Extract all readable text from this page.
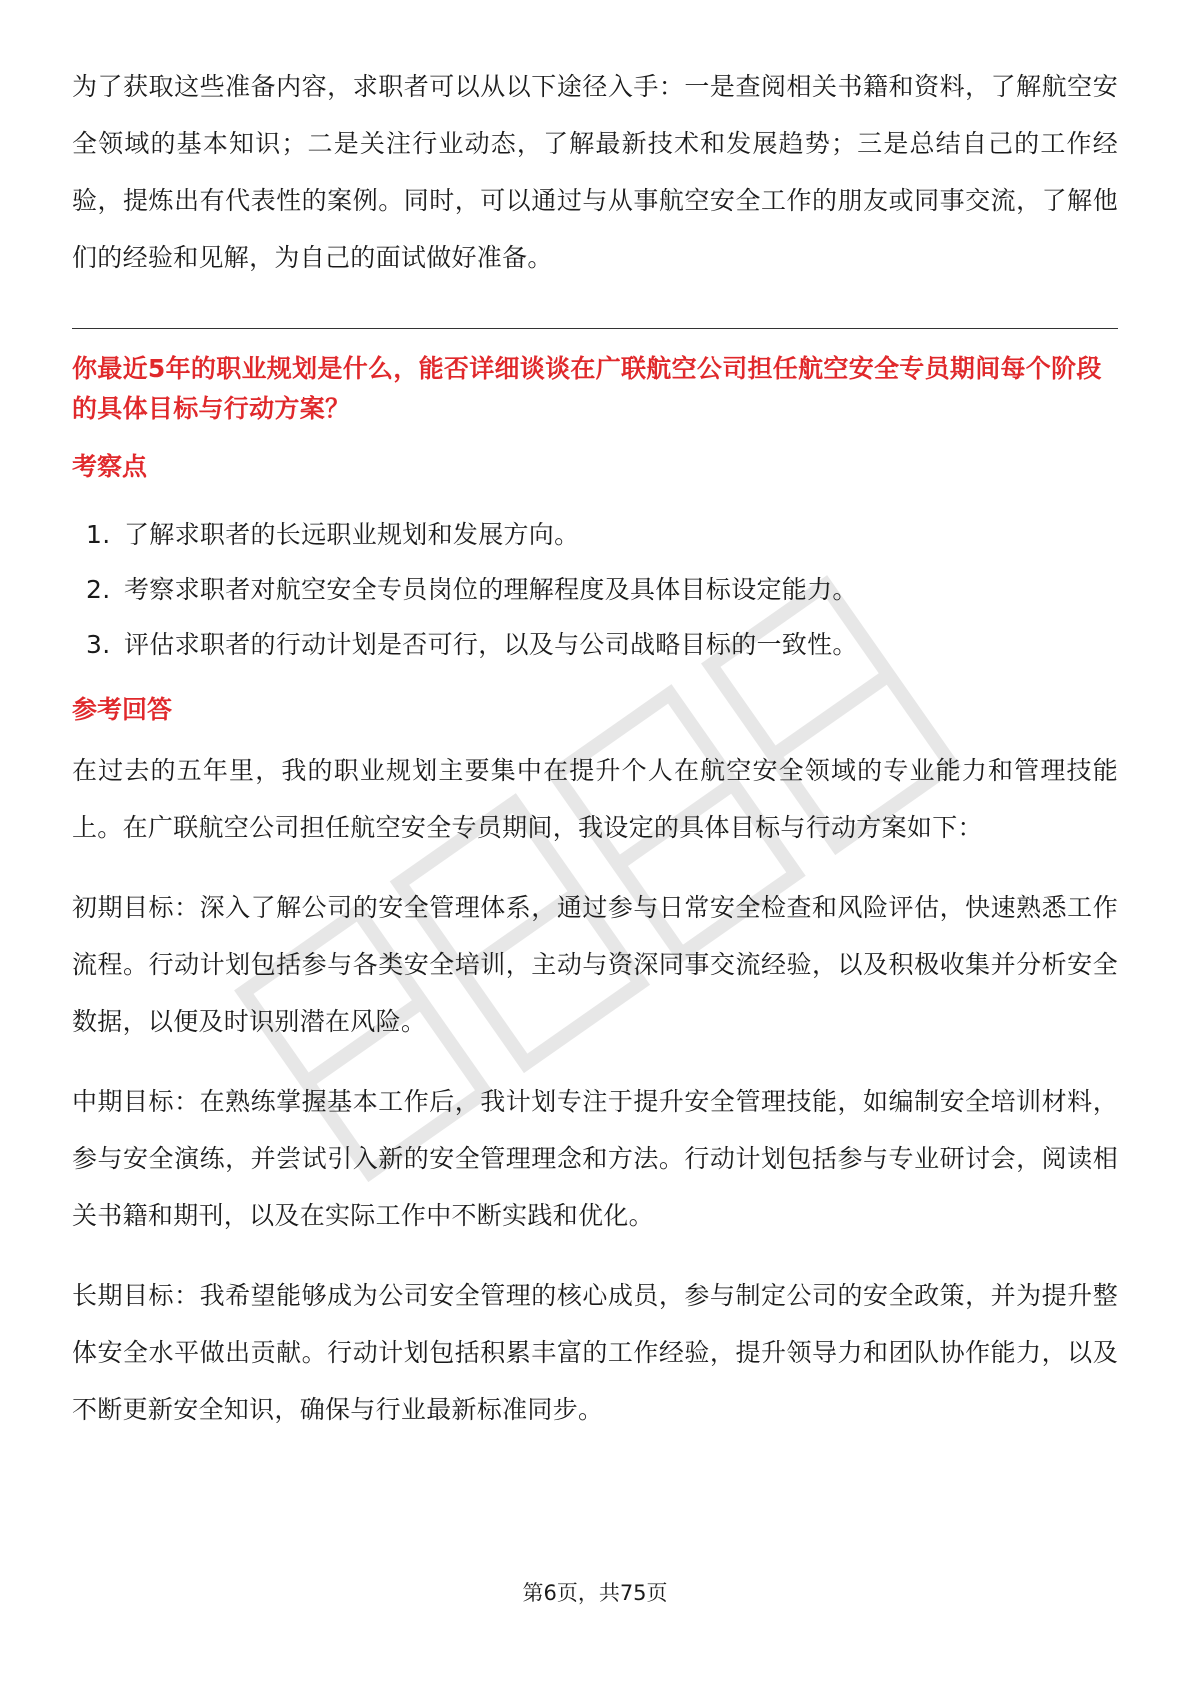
为了获取这些准备内容，求职者可以从以下途径入手：一是查阅相关书籍和资料，了解航空安全领域的基本知识；二是关注行业动态，了解最新技术和发展趋势；三是总结自己的工作经验，提炼出有代表性的案例。同时，可以通过与从事航空安全工作的朋友或同事交流，了解他们的经验和见解，为自己的面试做好准备。

你最近5年的职业规划是什么，能否详细谈谈在广联航空公司担任航空安全专员期间每个阶段的具体目标与行动方案？

考察点
1. 了解求职者的长远职业规划和发展方向。
2. 考察求职者对航空安全专员岗位的理解程度及具体目标设定能力。
3. 评估求职者的行动计划是否可行，以及与公司战略目标的一致性。
参考回答

在过去的五年里，我的职业规划主要集中在提升个人在航空安全领域的专业能力和管理技能上。在广联航空公司担任航空安全专员期间，我设定的具体目标与行动方案如下：

初期目标：深入了解公司的安全管理体系，通过参与日常安全检查和风险评估，快速熟悉工作流程。行动计划包括参与各类安全培训，主动与资深同事交流经验，以及积极收集并分析安全数据，以便及时识别潜在风险。

中期目标：在熟练掌握基本工作后，我计划专注于提升安全管理技能，如编制安全培训材料，参与安全演练，并尝试引入新的安全管理理念和方法。行动计划包括参与专业研讨会，阅读相关书籍和期刊，以及在实际工作中不断实践和优化。

长期目标：我希望能够成为公司安全管理的核心成员，参与制定公司的安全政策，并为提升整体安全水平做出贡献。行动计划包括积累丰富的工作经验，提升领导力和团队协作能力，以及不断更新安全知识，确保与行业最新标准同步。

第6页，共75页
